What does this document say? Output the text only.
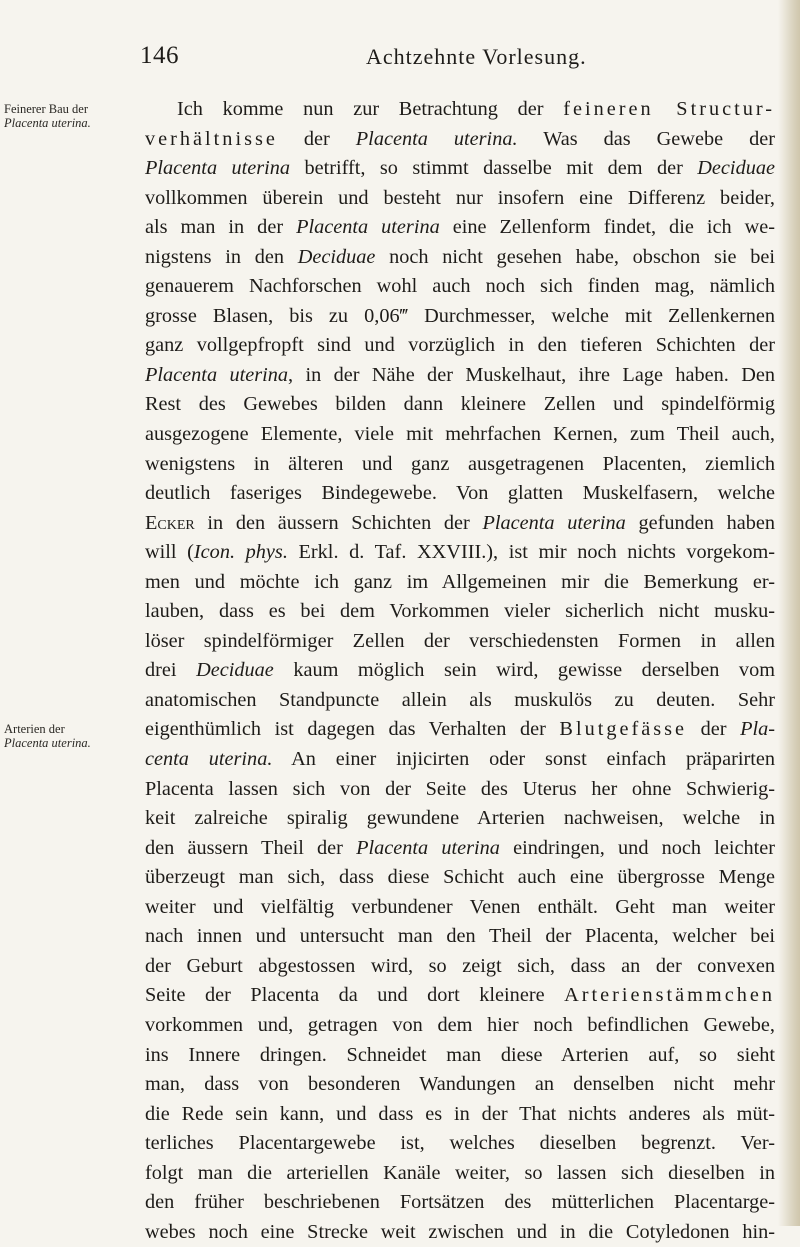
146	Achtzehnte Vorlesung.
Feinerer Bau der
Placenta uterina.
Arterien der
Placenta uterina.
Ich komme nun zur Betrachtung der feineren Structur-
verhältnisse der Placenta uterina. Was das Gewebe der
Placenta uterina betrifft, so stimmt dasselbe mit dem der Deciduae
vollkommen überein und besteht nur insofern eine Differenz beider,
als man in der Placenta uterina eine Zellenform findet, die ich we-
nigstens in den Deciduae noch nicht gesehen habe, obschon sie bei
genauerem Nachforschen wohl auch noch sich finden mag, nämlich
grosse Blasen, bis zu 0,06‴ Durchmesser, welche mit Zellenkernen
ganz vollgepfropft sind und vorzüglich in den tieferen Schichten der
Placenta uterina, in der Nähe der Muskelhaut, ihre Lage haben. Den
Rest des Gewebes bilden dann kleinere Zellen und spindelförmig
ausgezogene Elemente, viele mit mehrfachen Kernen, zum Theil auch,
wenigstens in älteren und ganz ausgetragenen Placenten, ziemlich
deutlich faseriges Bindegewebe. Von glatten Muskelfasern, welche
Ecker in den äussern Schichten der Placenta uterina gefunden haben
will (Icon. phys. Erkl. d. Taf. XXVIII.), ist mir noch nichts vorgekom-
men und möchte ich ganz im Allgemeinen mir die Bemerkung er-
lauben, dass es bei dem Vorkommen vieler sicherlich nicht musku-
löser spindelförmiger Zellen der verschiedensten Formen in allen
drei Deciduae kaum möglich sein wird, gewisse derselben vom
anatomischen Standpuncte allein als muskulös zu deuten. Sehr
eigenthümlich ist dagegen das Verhalten der Blutgefässe der Pla-
centa uterina. An einer injicirten oder sonst einfach präparirten
Placenta lassen sich von der Seite des Uterus her ohne Schwierig-
keit zalreiche spiralig gewundene Arterien nachweisen, welche in
den äussern Theil der Placenta uterina eindringen, und noch leichter
überzeugt man sich, dass diese Schicht auch eine übergrosse Menge
weiter und vielfältig verbundener Venen enthält. Geht man weiter
nach innen und untersucht man den Theil der Placenta, welcher bei
der Geburt abgestossen wird, so zeigt sich, dass an der convexen
Seite der Placenta da und dort kleinere Arterienstämmchen
vorkommen und, getragen von dem hier noch befindlichen Gewebe,
ins Innere dringen. Schneidet man diese Arterien auf, so sieht
man, dass von besonderen Wandungen an denselben nicht mehr
die Rede sein kann, und dass es in der That nichts anderes als müt-
terliches Placentargewebe ist, welches dieselben begrenzt. Ver-
folgt man die arteriellen Kanäle weiter, so lassen sich dieselben in
den früher beschriebenen Fortsätzen des mütterlichen Placentarge-
webes noch eine Strecke weit zwischen und in die Cotyledonen hin-
